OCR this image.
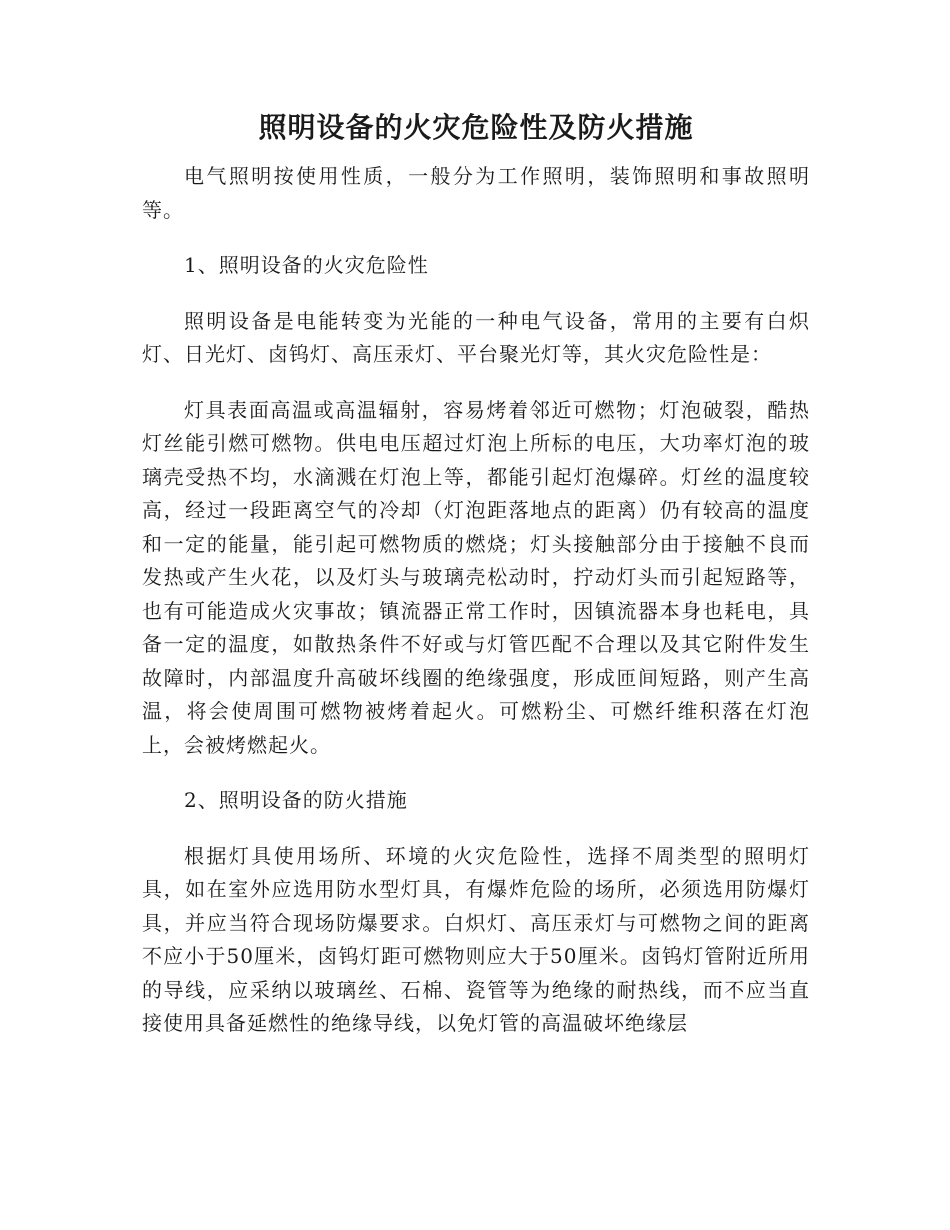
照明设备的火灾危险性及防火措施

电气照明按使用性质，一般分为工作照明，装饰照明和事故照明等。

1、照明设备的火灾危险性

照明设备是电能转变为光能的一种电气设备，常用的主要有白炽灯、日光灯、卤钨灯、高压汞灯、平台聚光灯等，其火灾危险性是：

灯具表面高温或高温辐射，容易烤着邻近可燃物；灯泡破裂，酷热灯丝能引燃可燃物。供电电压超过灯泡上所标的电压，大功率灯泡的玻璃壳受热不均，水滴溅在灯泡上等，都能引起灯泡爆碎。灯丝的温度较高，经过一段距离空气的冷却（灯泡距落地点的距离）仍有较高的温度和一定的能量，能引起可燃物质的燃烧；灯头接触部分由于接触不良而发热或产生火花，以及灯头与玻璃壳松动时，拧动灯头而引起短路等，也有可能造成火灾事故；镇流器正常工作时，因镇流器本身也耗电，具备一定的温度，如散热条件不好或与灯管匹配不合理以及其它附件发生故障时，内部温度升高破坏线圈的绝缘强度，形成匝间短路，则产生高温，将会使周围可燃物被烤着起火。可燃粉尘、可燃纤维积落在灯泡上，会被烤燃起火。

2、照明设备的防火措施

根据灯具使用场所、环境的火灾危险性，选择不周类型的照明灯具，如在室外应选用防水型灯具，有爆炸危险的场所，必须选用防爆灯具，并应当符合现场防爆要求。白炽灯、高压汞灯与可燃物之间的距离不应小于50厘米，卤钨灯距可燃物则应大于50厘米。卤钨灯管附近所用的导线，应采纳以玻璃丝、石棉、瓷管等为绝缘的耐热线，而不应当直接使用具备延燃性的绝缘导线，以免灯管的高温破坏绝缘层
